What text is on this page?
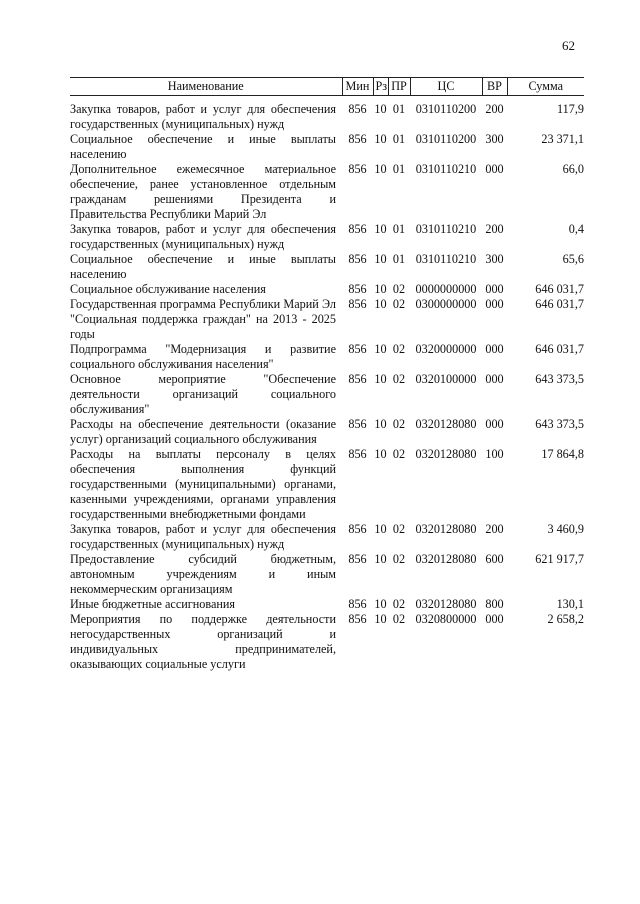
62
Наименование	Мин	Рз	ПР	ЦС	ВР	Сумма

Закупка товаров, работ и услуг для обеспечения государственных (муниципальных) нужд	856	10	01	0310110200	200	117,9
Социальное обеспечение и иные выплаты населению	856	10	01	0310110200	300	23 371,1
Дополнительное ежемесячное материальное обеспечение, ранее установленное отдельным гражданам решениями Президента и Правительства Республики Марий Эл	856	10	01	0310110210	000	66,0
Закупка товаров, работ и услуг для обеспечения государственных (муниципальных) нужд	856	10	01	0310110210	200	0,4
Социальное обеспечение и иные выплаты населению	856	10	01	0310110210	300	65,6
Социальное обслуживание населения	856	10	02	0000000000	000	646 031,7
Государственная программа Республики Марий Эл "Социальная поддержка граждан" на 2013 - 2025 годы	856	10	02	0300000000	000	646 031,7
Подпрограмма "Модернизация и развитие социального обслуживания населения"	856	10	02	0320000000	000	646 031,7
Основное мероприятие "Обеспечение деятельности организаций социального обслуживания"	856	10	02	0320100000	000	643 373,5
Расходы на обеспечение деятельности (оказание услуг) организаций социального обслуживания	856	10	02	0320128080	000	643 373,5
Расходы на выплаты персоналу в целях обеспечения выполнения функций государственными (муниципальными) органами, казенными учреждениями, органами управления государственными внебюджетными фондами	856	10	02	0320128080	100	17 864,8
Закупка товаров, работ и услуг для обеспечения государственных (муниципальных) нужд	856	10	02	0320128080	200	3 460,9
Предоставление субсидий бюджетным, автономным учреждениям и иным некоммерческим организациям	856	10	02	0320128080	600	621 917,7
Иные бюджетные ассигнования	856	10	02	0320128080	800	130,1
Мероприятия по поддержке деятельности негосударственных организаций и индивидуальных предпринимателей, оказывающих социальные услуги	856	10	02	0320800000	000	2 658,2
